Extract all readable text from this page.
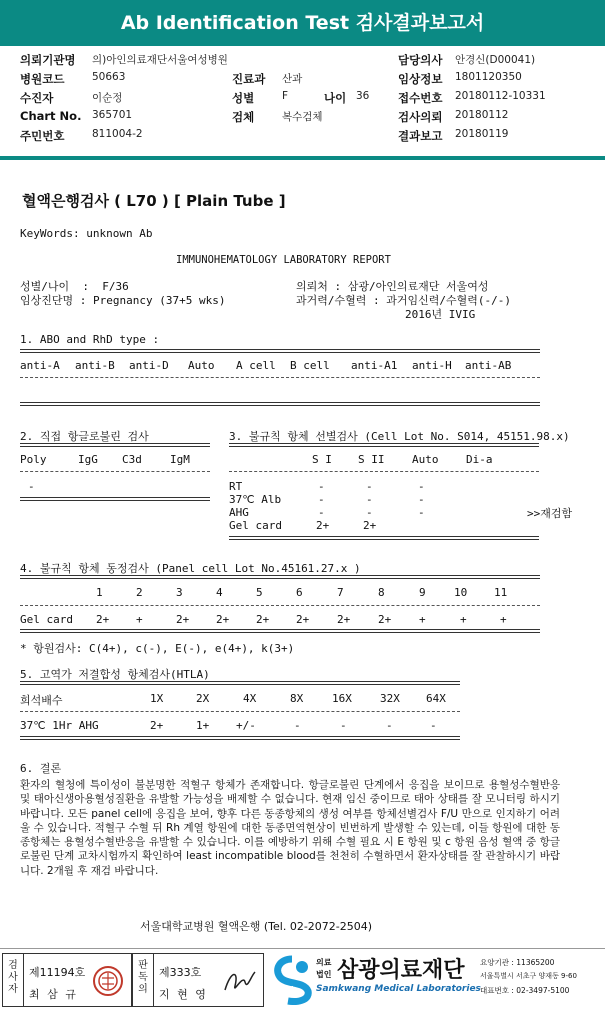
Ab Identification Test 검사결과보고서
의뢰기관명 의)아인의료재단서울여성병원	담당의사 안경신(D00041)
병원코드	50663	진료과 산과	임상정보 1801120350
수진자	이순정	성별	F	나이 36 접수번호 20180112-10331
Chart No. 365701	검체	복수검체	검사의뢰 20180112
주민번호	811004-2	결과보고 20180119
혈액은행검사 ( L70 ) [ Plain Tube ]
KeyWords: unknown Ab
IMMUNOHEMATOLOGY LABORATORY REPORT
성별/나이  :  F/36
임상진단명 : Pregnancy (37+5 wks)
의뢰처 : 삼광/아인의료재단 서울여성
과거력/수혈력 : 과거임신력/수혈력(-/-)
2016년 IVIG
1. ABO and RhD type :
anti-A anti-B anti-D Auto A cell B cell anti-A1 anti-H anti-AB
2. 직접 항글로불린 검사
Poly	IgG C3d	IgM
-
3. 불규칙 항체 선별검사 (Cell Lot No. S014, 45151.98.x)
S I S II	Auto	Di-a
RT	-	-	-
37℃ Alb	-	-	-
AHG	-	-	-
Gel card	2+	2+
>>재검함
4. 불규칙 항체 동정검사 (Panel cell Lot No.45161.27.x )
1	2	3	4	5	6	7	8	9	10 11
Gel card 2+ +	2+ 2+ 2+ 2+	2+	2+	+	+	+
* 항원검사: C(4+), c(-), E(-), e(4+), k(3+)
5. 고역가 저결합성 항체검사(HTLA)
희석배수	1X	2X	4X	8X	16X	32X 64X
37℃ 1Hr AHG	2+	1+ +/-	-	-	-	-
6. 결론
환자의 혈청에 특이성이 불분명한 적혈구 항체가 존재합니다. 항글로불린 단계에서 응집을 보이므로 용혈성수혈반응 및 태아신생아용혈성질환을 유발할 가능성을 배제할 수 없습니다. 현재 임신 중이므로 태아 상태를 잘 모니터링 하시기 바랍니다. 모든 panel cell에 응집을 보여, 향후 다른 동종항체의 생성 여부를 항체선별검사 F/U 만으로 인지하기 어려울 수 있습니다. 적혈구 수혈 뒤 Rh 계열 항원에 대한 동종면역현상이 빈번하게 발생할 수 있는데, 이들 항원에 대한 동종항체는 용혈성수혈반응을 유발할 수 있습니다. 이를 예방하기 위해 수혈 필요 시 E 항원 및 c 항원 음성 혈액 중 항글로불린 단계 교차시험까지 확인하여 least incompatible blood를 천천히 수혈하면서 환자상태를 잘 관찰하시기 바랍니다. 2개월 후 재검 바랍니다.
서울대학교병원 혈액은행 (Tel. 02-2072-2504)
검사자
제11194호
최 삼 규
판독의
제333호
지 현 영	SML
의료
법인 삼광의료재단
Samkwang Medical Laboratories
요양기관 : 11365200
서울특별시 서초구 양재동 9-60
대표번호 : 02-3497-5100
